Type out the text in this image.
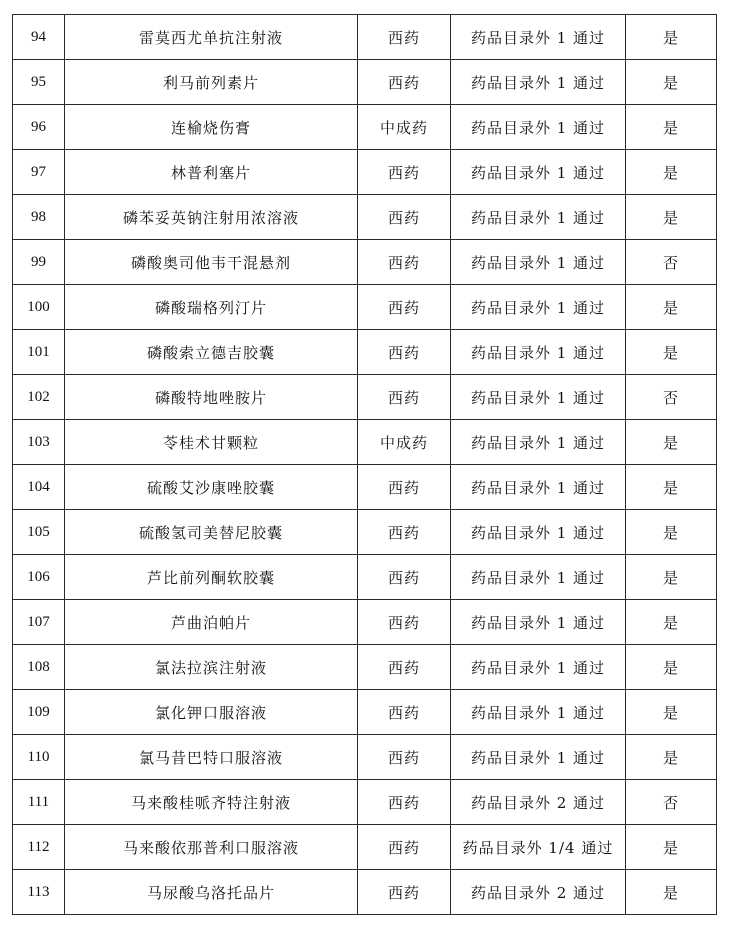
94	雷莫西尤单抗注射液	西药	药品目录外 1 通过	是
95	利马前列素片	西药	药品目录外 1 通过	是
96	连榆烧伤膏	中成药	药品目录外 1 通过	是
97	林普利塞片	西药	药品目录外 1 通过	是
98	磷苯妥英钠注射用浓溶液	西药	药品目录外 1 通过	是
99	磷酸奥司他韦干混悬剂	西药	药品目录外 1 通过	否
100	磷酸瑞格列汀片	西药	药品目录外 1 通过	是
101	磷酸索立德吉胶囊	西药	药品目录外 1 通过	是
102	磷酸特地唑胺片	西药	药品目录外 1 通过	否
103	苓桂术甘颗粒	中成药	药品目录外 1 通过	是
104	硫酸艾沙康唑胶囊	西药	药品目录外 1 通过	是
105	硫酸氢司美替尼胶囊	西药	药品目录外 1 通过	是
106	芦比前列酮软胶囊	西药	药品目录外 1 通过	是
107	芦曲泊帕片	西药	药品目录外 1 通过	是
108	氯法拉滨注射液	西药	药品目录外 1 通过	是
109	氯化钾口服溶液	西药	药品目录外 1 通过	是
110	氯马昔巴特口服溶液	西药	药品目录外 1 通过	是
111	马来酸桂哌齐特注射液	西药	药品目录外 2 通过	否
112	马来酸依那普利口服溶液	西药	药品目录外 1/4 通过	是
113	马尿酸乌洛托品片	西药	药品目录外 2 通过	是
